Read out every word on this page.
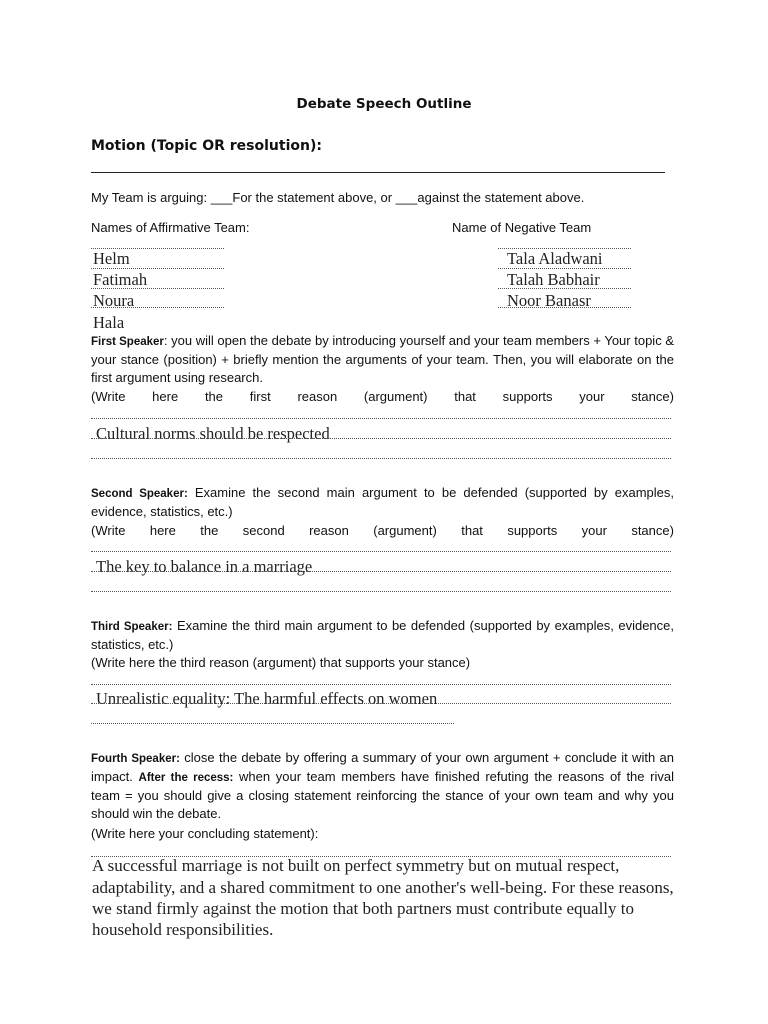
Debate Speech Outline
Motion (Topic OR resolution):
My Team is arguing: ___For the statement above, or ___against the statement above.
Names of Affirmative Team:	Name of Negative Team
Helm
Fatimah
Noura
Hala
Tala Aladwani
Talah Babhair
Noor Banasr
First Speaker: you will open the debate by introducing yourself and your team members + Your topic & your stance (position) + briefly mention the arguments of your team. Then, you will elaborate on the first argument using research.
(Write here the first reason (argument) that supports your stance)
Cultural norms should be respected
Second Speaker: Examine the second main argument to be defended (supported by examples, evidence, statistics, etc.)
(Write here the second reason (argument) that supports your stance)
The key to balance in a marriage
Third Speaker: Examine the third main argument to be defended (supported by examples, evidence, statistics, etc.)
(Write here the third reason (argument) that supports your stance)
Unrealistic equality: The harmful effects on women
Fourth Speaker: close the debate by offering a summary of your own argument + conclude it with an impact. After the recess: when your team members have finished refuting the reasons of the rival team = you should give a closing statement reinforcing the stance of your own team and why you should win the debate.
(Write here your concluding statement):
A successful marriage is not built on perfect symmetry but on mutual respect,
adaptability, and a shared commitment to one another's well-being. For these reasons,
we stand firmly against the motion that both partners must contribute equally to
household responsibilities.
